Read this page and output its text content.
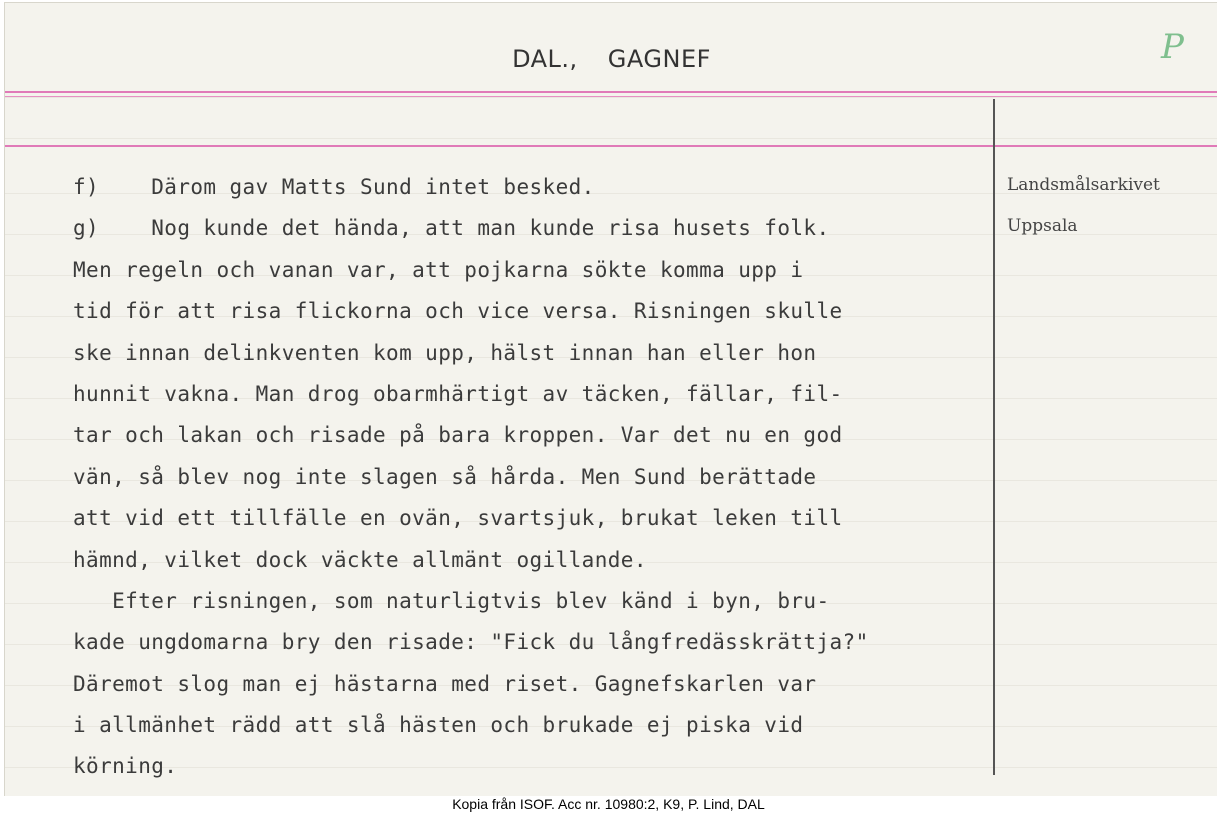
DAL., GAGNEF	P
Landsmålsarkivet
Uppsala
f)    Därom gav Matts Sund intet besked.
g)    Nog kunde det hända, att man kunde risa husets folk.
Men regeln och vanan var, att pojkarna sökte komma upp i
tid för att risa flickorna och vice versa. Risningen skulle
ske innan delinkventen kom upp, hälst innan han eller hon
hunnit vakna. Man drog obarmhärtigt av täcken, fällar, fil-
tar och lakan och risade på bara kroppen. Var det nu en god
vän, så blev nog inte slagen så hårda. Men Sund berättade
att vid ett tillfälle en ovän, svartsjuk, brukat leken till
hämnd, vilket dock väckte allmänt ogillande.
Efter risningen, som naturligtvis blev känd i byn, bru-
kade ungdomarna bry den risade: "Fick du långfredässkrättja?"
Däremot slog man ej hästarna med riset. Gagnefskarlen var
i allmänhet rädd att slå hästen och brukade ej piska vid
körning.
Kopia från ISOF. Acc nr. 10980:2, K9, P. Lind, DAL
